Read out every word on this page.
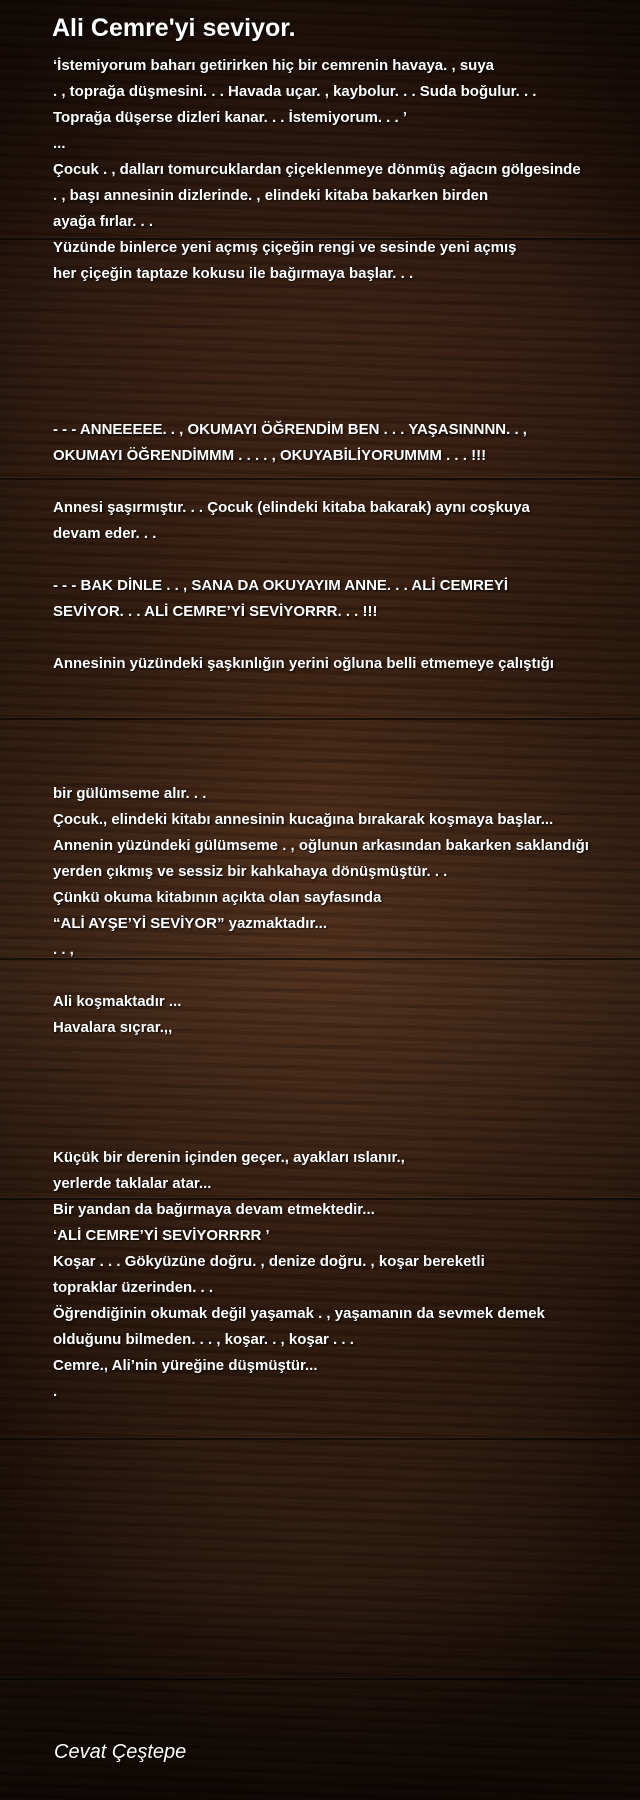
Ali Cemre'yi seviyor.
‘İstemiyorum baharı getirirken hiç bir cemrenin havaya. , suya
. , toprağa düşmesini. . . Havada uçar. , kaybolur. . . Suda boğulur. . .
Toprağa düşerse dizleri kanar. . . İstemiyorum. . . ’
...
Çocuk . , dalları tomurcuklardan çiçeklenmeye dönmüş ağacın gölgesinde
. , başı annesinin dizlerinde. , elindeki kitaba bakarken birden
ayağa fırlar. . .
Yüzünde binlerce yeni açmış çiçeğin rengi ve sesinde yeni açmış
her çiçeğin taptaze kokusu ile bağırmaya başlar. . .
- - - ANNEEEEE. . , OKUMAYI ÖĞRENDİM BEN . . . YAŞASINNNN. . ,
OKUMAYI ÖĞRENDİMMM . . . . , OKUYABİLİYORUMMM . . . !!!
Annesi şaşırmıştır. . . Çocuk (elindeki kitaba bakarak) aynı coşkuya
devam eder. . .
- - - BAK DİNLE . . , SANA DA OKUYAYIM ANNE. . . ALİ CEMREYİ
SEVİYOR. . . ALİ CEMRE’Yİ SEVİYORRR. . . !!!
Annesinin yüzündeki şaşkınlığın yerini oğluna belli etmemeye çalıştığı
bir gülümseme alır. . .
Çocuk., elindeki kitabı annesinin kucağına bırakarak koşmaya başlar...
Annenin yüzündeki gülümseme . , oğlunun arkasından bakarken saklandığı
yerden çıkmış ve sessiz bir kahkahaya dönüşmüştür. . .
Çünkü okuma kitabının açıkta olan sayfasında
“ALİ AYŞE’Yİ SEVİYOR” yazmaktadır...
. . ,
Ali koşmaktadır ...
Havalara sıçrar.,,
Küçük bir derenin içinden geçer., ayakları ıslanır.,
yerlerde taklalar atar...
Bir yandan da bağırmaya devam etmektedir...
‘ALİ CEMRE’Yİ SEVİYORRRR ’
Koşar . . . Gökyüzüne doğru. , denize doğru. , koşar bereketli
topraklar üzerinden. . .
Öğrendiğinin okumak değil yaşamak . , yaşamanın da sevmek demek
olduğunu bilmeden. . . , koşar. . , koşar . . .
Cemre., Ali’nin yüreğine düşmüştür...
.

Cevat Çeştepe
